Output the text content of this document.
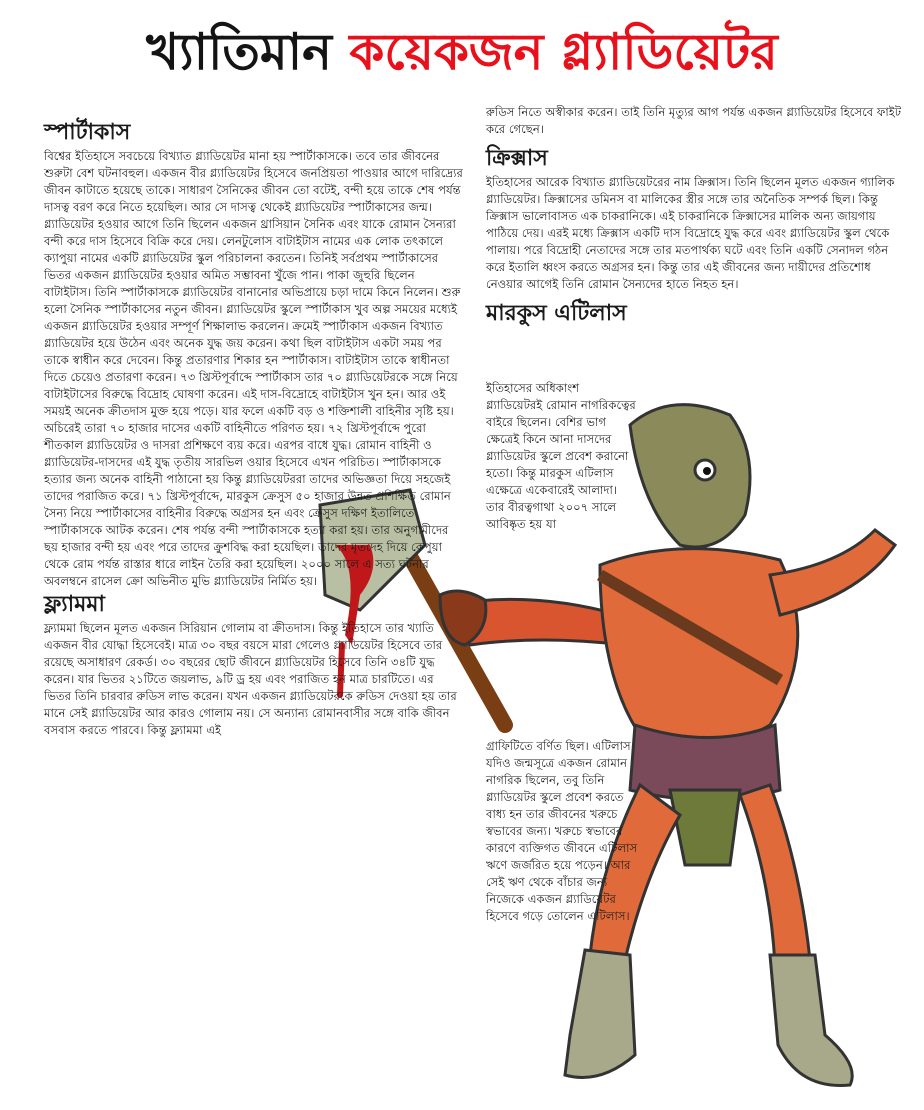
খ্যাতিমান কয়েকজন গ্ল্যাডিয়েটর
স্পার্টাকাস

বিশ্বের ইতিহাসে সবচেয়ে বিখ্যাত গ্ল্যাডিয়েটর মানা হয় স্পার্টাকাসকে। তবে তার জীবনের শুরুটা বেশ ঘটনাবহুল। একজন বীর গ্ল্যাডিয়েটর হিসেবে জনপ্রিয়তা পাওয়ার আগে দারিদ্র্যের জীবন কাটাতে হয়েছে তাকে। সাধারণ সৈনিকের জীবন তো বটেই, বন্দী হয়ে তাকে শেষ পর্যন্ত দাসত্ব বরণ করে নিতে হয়েছিল। আর সে দাসত্ব থেকেই গ্ল্যাডিয়েটর স্পার্টাকাসের জন্ম। গ্ল্যাডিয়েটর হওয়ার আগে তিনি ছিলেন একজন থ্রাসিয়ান সৈনিক এবং যাকে রোমান সৈন্যরা বন্দী করে দাস হিসেবে বিক্রি করে দেয়। লেনটুলোস বাটাইটাস নামের এক লোক তৎকালে ক্যাপুয়া নামের একটি গ্ল্যাডিয়েটর স্কুল পরিচালনা করতেন। তিনিই সর্বপ্রথম স্পার্টাকাসের ভিতর একজন গ্ল্যাডিয়েটর হওয়ার অমিত সম্ভাবনা খুঁজে পান। পাকা জুহুরি ছিলেন বাটাইটাস। তিনি স্পার্টাকাসকে গ্ল্যাডিয়েটর বানানোর অভিপ্রায়ে চড়া দামে কিনে নিলেন। শুরু হলো সৈনিক স্পার্টাকাসের নতুন জীবন। গ্ল্যাডিয়েটর স্কুলে স্পার্টাকাস খুব অল্প সময়ের মধ্যেই একজন গ্ল্যাডিয়েটর হওয়ার সম্পূর্ণ শিক্ষালাভ করলেন। ক্রমেই স্পার্টাকাস একজন বিখ্যাত গ্ল্যাডিয়েটর হয়ে উঠেন এবং অনেক যুদ্ধ জয় করেন। কথা ছিল বাটাইটাস একটা সময় পর তাকে স্বাধীন করে দেবেন। কিন্তু প্রতারণার শিকার হন স্পার্টাকাস। বাটাইটাস তাকে স্বাধীনতা দিতে চেয়েও প্রতারণা করেন। ৭৩ খ্রিস্টপূর্বাব্দে স্পার্টাকাস তার ৭০ গ্ল্যাডিয়েটরকে সঙ্গে নিয়ে বাটাইটাসের বিরুদ্ধে বিদ্রোহ ঘোষণা করেন। এই দাস-বিদ্রোহে বাটাইটাস খুন হন। আর ওই সময়ই অনেক ক্রীতদাস মুক্ত হয়ে পড়ে। যার ফলে একটি বড় ও শক্তিশালী বাহিনীর সৃষ্টি হয়। অচিরেই তারা ৭০ হাজার দাসের একটি বাহিনীতে পরিণত হয়। ৭২ খ্রিস্টপূর্বাব্দে পুরো শীতকাল গ্ল্যাডিয়েটর ও দাসরা প্রশিক্ষণে ব্যয় করে। এরপর বাধে যুদ্ধ। রোমান বাহিনী ও গ্ল্যাডিয়েটর-দাসদের এই যুদ্ধ তৃতীয় সারভিল ওয়ার হিসেবে এখন পরিচিত। স্পার্টাকাসকে হত্যার জন্য অনেক বাহিনী পাঠানো হয় কিন্তু গ্ল্যাডিয়েটররা তাদের অভিজ্ঞতা দিয়ে সহজেই তাদের পরাজিত করে। ৭১ খ্রিস্টপূর্বাব্দে, মারকুস ক্রেসুস ৫০ হাজার উন্নত প্রশিক্ষিত রোমান সৈন্য নিয়ে স্পার্টাকাসের বাহিনীর বিরুদ্ধে অগ্রসর হন এবং ক্রেসুস দক্ষিণ ইতালিতে স্পার্টাকাসকে আটক করেন। শেষ পর্যন্ত বন্দী স্পার্টাকাসকে হত্যা করা হয়। তার অনুগামীদের ছয় হাজার বন্দী হয় এবং পরে তাদের ক্রুশবিদ্ধ করা হয়েছিল। তাদের মৃতদেহ দিয়ে কেপুয়া থেকে রোম পর্যন্ত রাস্তার ধারে লাইন তৈরি করা হয়েছিল। ২০০০ সালে এ সত্য ঘটনার অবলম্বনে রাসেল ক্রো অভিনীত মুভি গ্ল্যাডিয়েটর নির্মিত হয়।

ফ্ল্যামমা

ফ্ল্যামমা ছিলেন মূলত একজন সিরিয়ান গোলাম বা ক্রীতদাস। কিন্তু ইতিহাসে তার খ্যাতি একজন বীর যোদ্ধা হিসেবেই। মাত্র ৩০ বছর বয়সে মারা গেলেও গ্ল্যাডিয়েটর হিসেবে তার রয়েছে অসাধারণ রেকর্ড। ৩০ বছরের ছোট জীবনে গ্ল্যাডিয়েটর হিসেবে তিনি ৩৪টি যুদ্ধ করেন। যার ভিতর ২১টিতে জয়লাভ, ৯টি ড্র হয় এবং পরাজিত হন মাত্র চারটিতে। এর ভিতর তিনি চারবার রুডিস লাভ করেন। যখন একজন গ্ল্যাডিয়েটরকে রুডিস দেওয়া হয় তার মানে সেই গ্ল্যাডিয়েটর আর কারও গোলাম নয়। সে অন্যান্য রোমানবাসীর সঙ্গে বাকি জীবন বসবাস করতে পারবে। কিন্তু ফ্ল্যামমা এই

রুডিস নিতে অস্বীকার করেন। তাই তিনি মৃত্যুর আগ পর্যন্ত একজন গ্ল্যাডিয়েটর হিসেবে ফাইট করে গেছেন।

ক্রিক্সাস

ইতিহাসের আরেক বিখ্যাত গ্ল্যাডিয়েটরের নাম ক্রিক্সাস। তিনি ছিলেন মূলত একজন গ্যালিক গ্ল্যাডিয়েটর। ক্রিক্সাসের ডমিনস বা মালিকের স্ত্রীর সঙ্গে তার অনৈতিক সম্পর্ক ছিল। কিন্তু ক্রিক্সাস ভালোবাসত এক চাকরানিকে। এই চাকরানিকে ক্রিক্সাসের মালিক অন্য জায়গায় পাঠিয়ে দেয়। এরই মধ্যে ক্রিক্সাস একটি দাস বিদ্রোহে যুদ্ধ করে এবং গ্ল্যাডিয়েটর স্কুল থেকে পালায়। পরে বিদ্রোহী নেতাদের সঙ্গে তার মতপার্থক্য ঘটে এবং তিনি একটি সেনাদল গঠন করে ইতালি ধ্বংস করতে অগ্রসর হন। কিন্তু তার এই জীবনের জন্য দায়ীদের প্রতিশোধ নেওয়ার আগেই তিনি রোমান সৈন্যদের হাতে নিহত হন।

মারকুস এটিলাস

ইতিহাসের অধিকাংশ গ্ল্যাডিয়েটরই রোমান নাগরিকত্বের বাইরে ছিলেন। বেশির ভাগ ক্ষেত্রেই কিনে আনা দাসদের গ্ল্যাডিয়েটর স্কুলে প্রবেশ করানো হতো। কিন্তু মারকুস এটিলাস এক্ষেত্রে একেবারেই আলাদা। তার বীরত্বগাথা ২০০৭ সালে আবিষ্কৃত হয় যা

গ্রাফিটিতে বর্ণিত ছিল। এটিলাস যদিও জন্মসূত্রে একজন রোমান নাগরিক ছিলেন, তবু তিনি গ্ল্যাডিয়েটর স্কুলে প্রবেশ করতে বাধ্য হন তার জীবনের খরুচে স্বভাবের জন্য। খরুচে স্বভাবের কারণে ব্যক্তিগত জীবনে এটিলাস ঋণে জর্জরিত হয়ে পড়েন। আর সেই ঋণ থেকে বাঁচার জন্য নিজেকে একজন গ্ল্যাডিয়েটর হিসেবে গড়ে তোলেন এটিলাস।
